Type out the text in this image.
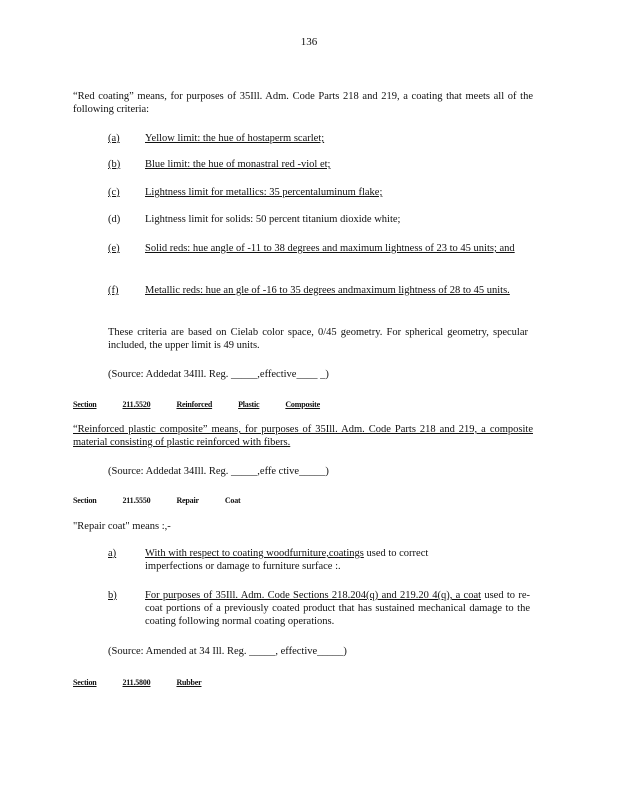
136
“Red coating” means, for purposes of 35Ill. Adm. Code Parts 218 and 219, a coating that meets all of the following criteria:
(a) Yellow limit: the hue of hostaperm scarlet;
(b) Blue limit: the hue of monastral red -viol et;
(c) Lightness limit for metallics: 35 percentaluminum flake;
(d) Lightness limit for solids: 50 percent titanium dioxide white;
(e) Solid reds: hue angle of -11 to 38 degrees and maximum lightness of 23 to 45 units; and
(f)	Metallic reds: hue an gle of -16 to 35 degrees andmaximum lightness of 28 to 45 units.
These criteria are based on Cielab color space, 0/45 geometry. For spherical geometry, specular included, the upper limit is 49 units.
(Source: Addedat 34Ill. Reg. _____,effective____ _)
Section	211.5520	Reinforced	Plastic	Composite
“Reinforced plastic composite” means, for purposes of 35Ill. Adm. Code Parts 218 and 219, a composite material consisting of plastic reinforced with fibers.
(Source: Addedat 34Ill. Reg. _____,effe ctive_____)
Section	211.5550	Repair	Coat
"Repair coat" means :,-
a)	With with respect to coating woodfurniture,coatings used to correct imperfections or damage to furniture surface :.
b)	For purposes of 35Ill. Adm. Code Sections 218.204(q) and 219.20 4(q), a coat used to re-coat portions of a previously coated product that has sustained mechanical damage to the coating following normal coating operations.
(Source: Amended at 34 Ill. Reg. _____, effective_____)
Section	211.5800	Rubber
